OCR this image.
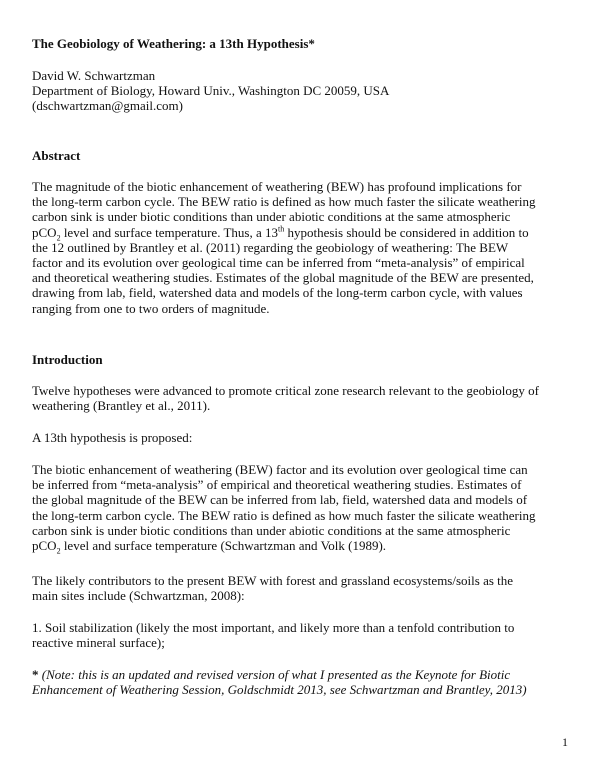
The Geobiology of Weathering: a 13th Hypothesis*
David W. Schwartzman
Department of Biology, Howard Univ., Washington DC 20059, USA
(dschwartzman@gmail.com)
Abstract
The magnitude of the biotic enhancement of weathering (BEW) has profound implications for
the long-term carbon cycle. The BEW ratio is defined as how much faster the silicate weathering
carbon sink is under biotic conditions than under abiotic conditions at the same atmospheric
pCO$_2$ level and surface temperature. Thus, a 13th hypothesis should be considered in addition to
the 12 outlined by Brantley et al. (2011) regarding the geobiology of weathering: The BEW
factor and its evolution over geological time can be inferred from “meta-analysis” of empirical
and theoretical weathering studies. Estimates of the global magnitude of the BEW are presented,
drawing from lab, field, watershed data and models of the long-term carbon cycle, with values
ranging from one to two orders of magnitude.
Introduction
Twelve hypotheses were advanced to promote critical zone research relevant to the geobiology of
weathering (Brantley et al., 2011).
A 13th hypothesis is proposed:
The biotic enhancement of weathering (BEW) factor and its evolution over geological time can
be inferred from “meta-analysis” of empirical and theoretical weathering studies. Estimates of
the global magnitude of the BEW can be inferred from lab, field, watershed data and models of
the long-term carbon cycle. The BEW ratio is defined as how much faster the silicate weathering
carbon sink is under biotic conditions than under abiotic conditions at the same atmospheric
pCO$_2$ level and surface temperature (Schwartzman and Volk (1989).
The likely contributors to the present BEW with forest and grassland ecosystems/soils as the
main sites include (Schwartzman, 2008):
1. Soil stabilization (likely the most important, and likely more than a tenfold contribution to
reactive mineral surface);
* (Note: this is an updated and revised version of what I presented as the Keynote for Biotic
Enhancement of Weathering Session, Goldschmidt 2013, see Schwartzman and Brantley, 2013)
1
